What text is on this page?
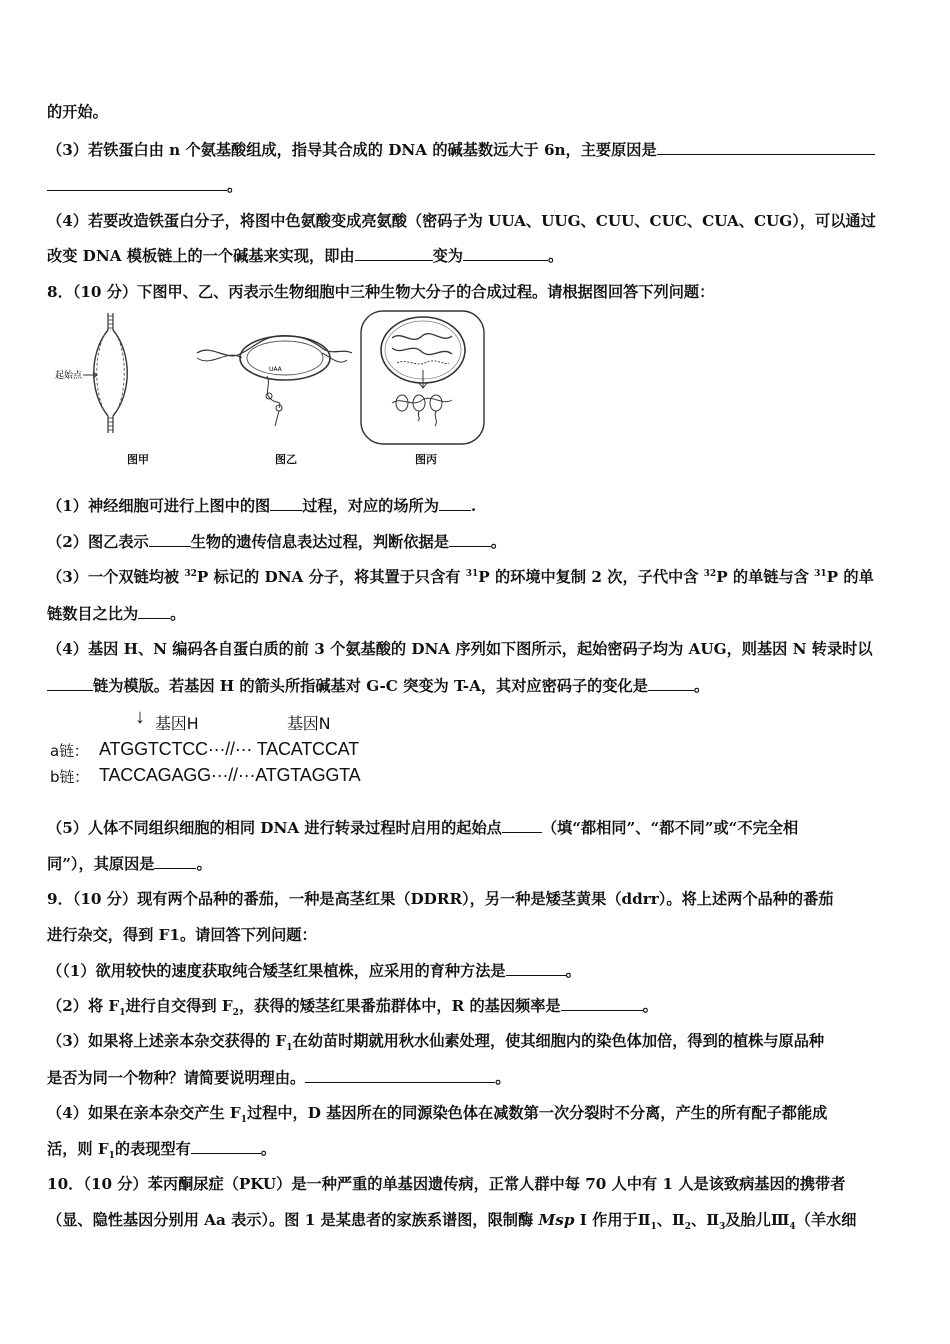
的开始。
（3）若铁蛋白由 n 个氨基酸组成，指导其合成的 DNA 的碱基数远大于 6n，主要原因是
。
（4）若要改造铁蛋白分子，将图中色氨酸变成亮氨酸（密码子为 UUA、UUG、CUU、CUC、CUA、CUG），可以通过
改变 DNA 模板链上的一个碱基来实现，即由	变为	。
8．（10 分）下图甲、乙、丙表示生物细胞中三种生物大分子的合成过程。请根据图回答下列问题：
起始点
UAA
图甲	图乙	图丙
（1）神经细胞可进行上图中的图 过程，对应的场所为 .
（2）图乙表示	生物的遗传信息表达过程，判断依据是	。
（3）一个双链均被 $^{32}$P 标记的 DNA 分子，将其置于只含有 $^{31}$P 的环境中复制 2 次，子代中含 $^{32}$P 的单链与含 $^{31}$P 的单
链数目之比为 。
（4）基因 H、N 编码各自蛋白质的前 3 个氨基酸的 DNA 序列如下图所示，起始密码子均为 AUG，则基因 N 转录时以
链为模版。若基因 H 的箭头所指碱基对 G-C 突变为 T-A，其对应密码子的变化是	。
↓ 基因H	基因N
a链： ATGGTCTCC···//··· TACATCCAT
b链： TACCAGAGG···//···ATGTAGGTA
（5）人体不同组织细胞的相同 DNA 进行转录过程时启用的起始点	（填“都相同”、“都不同”或“不完全相
同”），其原因是	。
9．（10 分）现有两个品种的番茄，一种是高茎红果（DDRR），另一种是矮茎黄果（ddrr）。将上述两个品种的番茄
进行杂交，得到 F1。请回答下列问题：
（（1）欲用较快的速度获取纯合矮茎红果植株，应采用的育种方法是	。
（2）将 $F_1$进行自交得到 $F_2$，获得的矮茎红果番茄群体中，R 的基因频率是	。
（3）如果将上述亲本杂交获得的 $F_1$在幼苗时期就用秋水仙素处理，使其细胞内的染色体加倍，得到的植株与原品种
是否为同一个物种？请简要说明理由。	。
（4）如果在亲本杂交产生 $F_1$过程中，D 基因所在的同源染色体在减数第一次分裂时不分离，产生的所有配子都能成
活，则 $F_1$的表现型有	。
10．（10 分）苯丙酮尿症（PKU）是一种严重的单基因遗传病，正常人群中每 70 人中有 1 人是该致病基因的携带者
（显、隐性基因分别用 Aa 表示）。图 1 是某患者的家族系谱图，限制酶 Msp I 作用于$Ⅱ_1$、$Ⅱ_2$、$Ⅱ_3$及胎儿$Ⅲ_4$（羊水细
